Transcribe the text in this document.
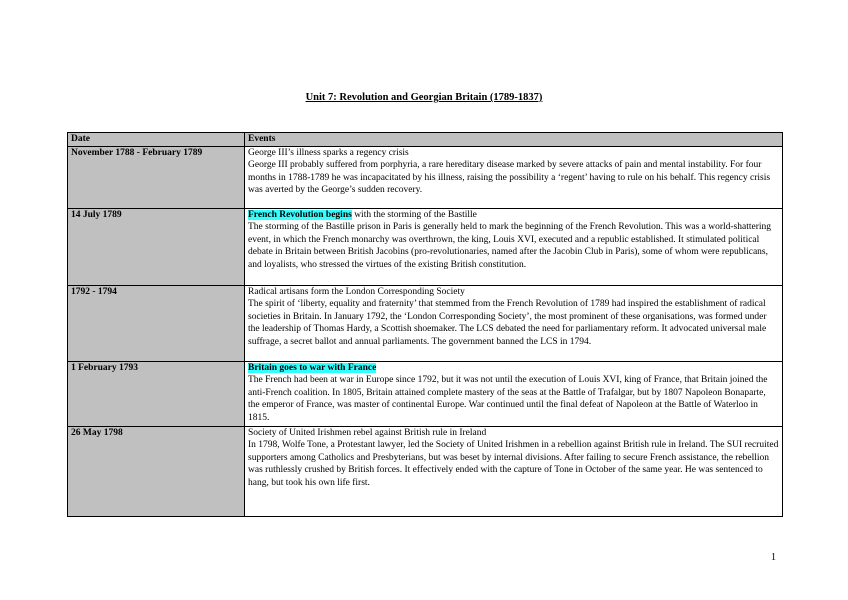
Unit 7: Revolution and Georgian Britain (1789-1837)
Date	Events
November 1788 - February 1789	George III’s illness sparks a regency crisis
George III probably suffered from porphyria, a rare hereditary disease marked by severe attacks of pain and mental instability. For four months in 1788-1789 he was incapacitated by his illness, raising the possibility a ‘regent’ having to rule on his behalf. This regency crisis was averted by the George’s sudden recovery.

14 July 1789	French Revolution begins with the storming of the Bastille
The storming of the Bastille prison in Paris is generally held to mark the beginning of the French Revolution. This was a world-shattering event, in which the French monarchy was overthrown, the king, Louis XVI, executed and a republic established. It stimulated political debate in Britain between British Jacobins (pro-revolutionaries, named after the Jacobin Club in Paris), some of whom were republicans, and loyalists, who stressed the virtues of the existing British constitution.

1792 - 1794	Radical artisans form the London Corresponding Society
The spirit of ‘liberty, equality and fraternity’ that stemmed from the French Revolution of 1789 had inspired the establishment of radical societies in Britain. In January 1792, the ‘London Corresponding Society’, the most prominent of these organisations, was formed under the leadership of Thomas Hardy, a Scottish shoemaker. The LCS debated the need for parliamentary reform. It advocated universal male suffrage, a secret ballot and annual parliaments. The government banned the LCS in 1794.

1 February 1793	Britain goes to war with France
The French had been at war in Europe since 1792, but it was not until the execution of Louis XVI, king of France, that Britain joined the anti-French coalition. In 1805, Britain attained complete mastery of the seas at the Battle of Trafalgar, but by 1807 Napoleon Bonaparte, the emperor of France, was master of continental Europe. War continued until the final defeat of Napoleon at the Battle of Waterloo in 1815.

26 May 1798	Society of United Irishmen rebel against British rule in Ireland
In 1798, Wolfe Tone, a Protestant lawyer, led the Society of United Irishmen in a rebellion against British rule in Ireland. The SUI recruited supporters among Catholics and Presbyterians, but was beset by internal divisions. After failing to secure French assistance, the rebellion was ruthlessly crushed by British forces. It effectively ended with the capture of Tone in October of the same year. He was sentenced to hang, but took his own life first.
1
